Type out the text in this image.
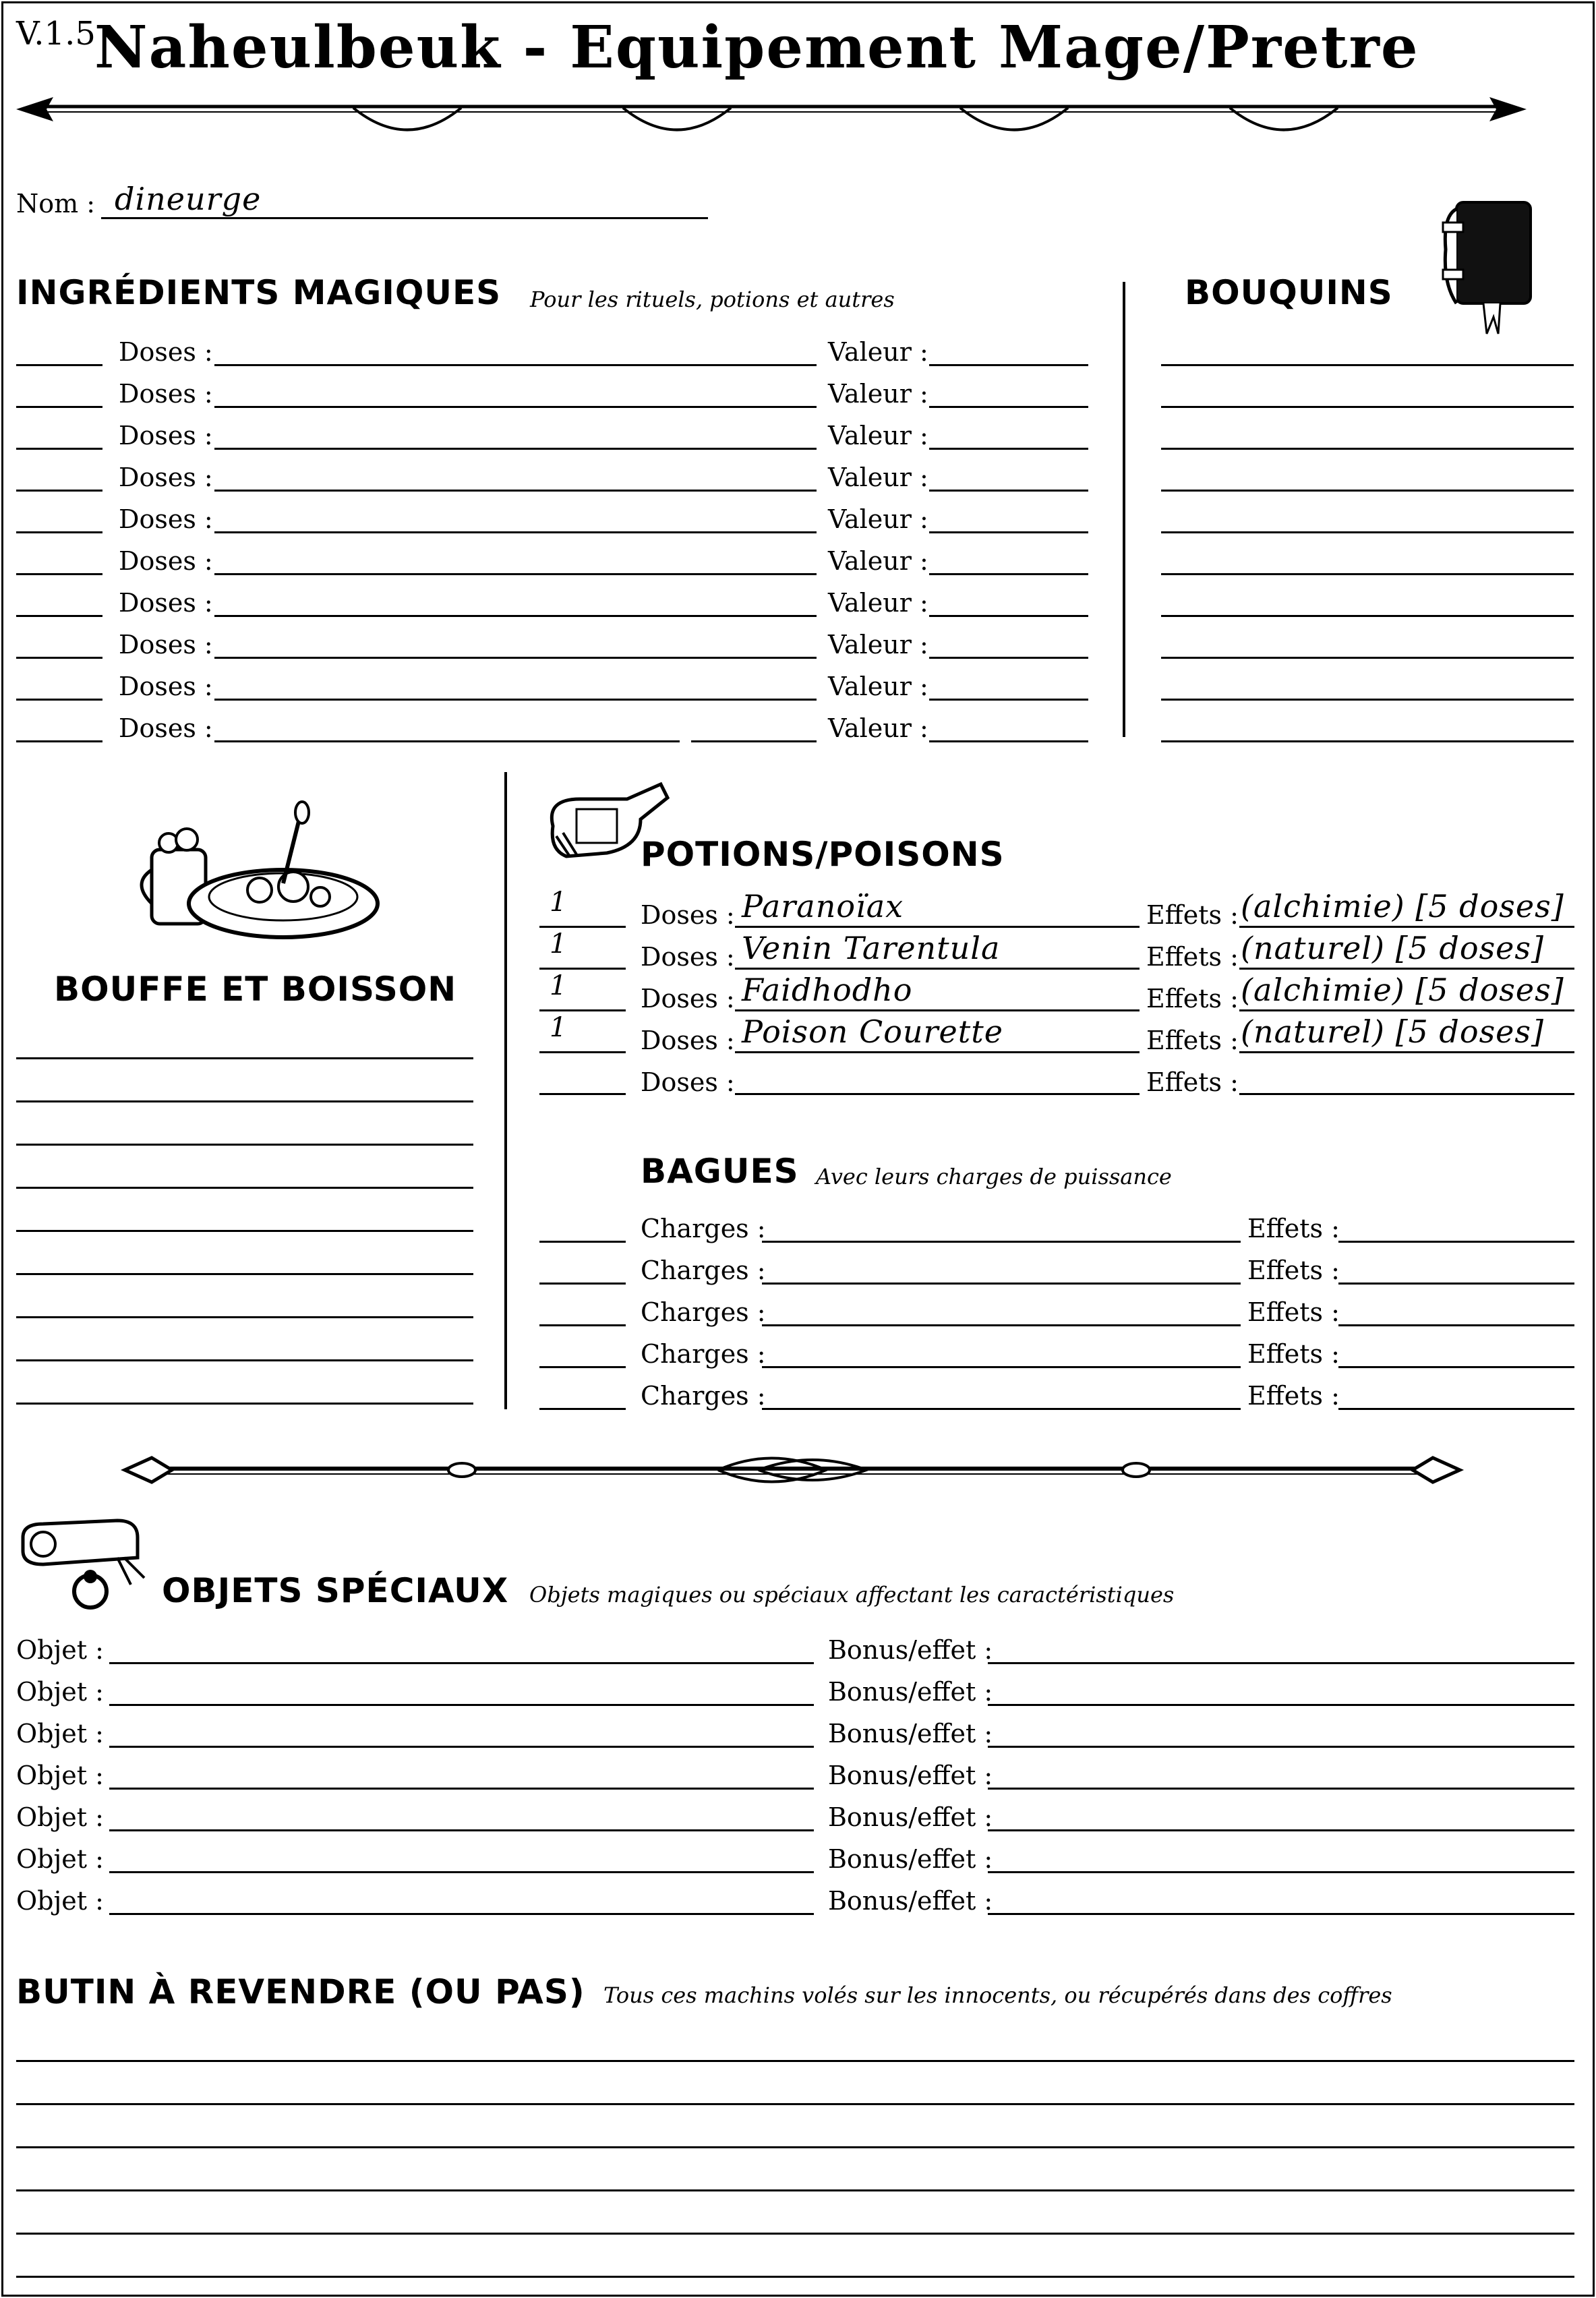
V.1.5
Naheulbeuk - Equipement Mage/Pretre
Nom : dineurge
INGRÉDIENTS MAGIQUES Pour les rituels, potions et autres
Doses :	Valeur :
Doses :	Valeur :
Doses :	Valeur :
Doses :	Valeur :
Doses :	Valeur :
Doses :	Valeur :
Doses :	Valeur :
Doses :	Valeur :
Doses :	Valeur :
Doses :	Valeur :
BOUQUINS
BOUFFE ET BOISSON
POTIONS/POISONS
1	Doses : Paranoïax	Effets : (alchimie) [5 doses]
1	Doses : Venin Tarentula	Effets : (naturel) [5 doses]
1	Doses : Faidhodho	Effets : (alchimie) [5 doses]
1	Doses : Poison Courette	Effets : (naturel) [5 doses]
Doses :	Effets :
BAGUES Avec leurs charges de puissance
Charges :	Effets :
Charges :	Effets :
Charges :	Effets :
Charges :	Effets :
Charges :	Effets :
OBJETS SPÉCIAUX Objets magiques ou spéciaux affectant les caractéristiques
Objet :	Bonus/effet :
Objet :	Bonus/effet :
Objet :	Bonus/effet :
Objet :	Bonus/effet :
Objet :	Bonus/effet :
Objet :	Bonus/effet :
Objet :	Bonus/effet :
BUTIN À REVENDRE (OU PAS) Tous ces machins volés sur les innocents, ou récupérés dans des coffres
